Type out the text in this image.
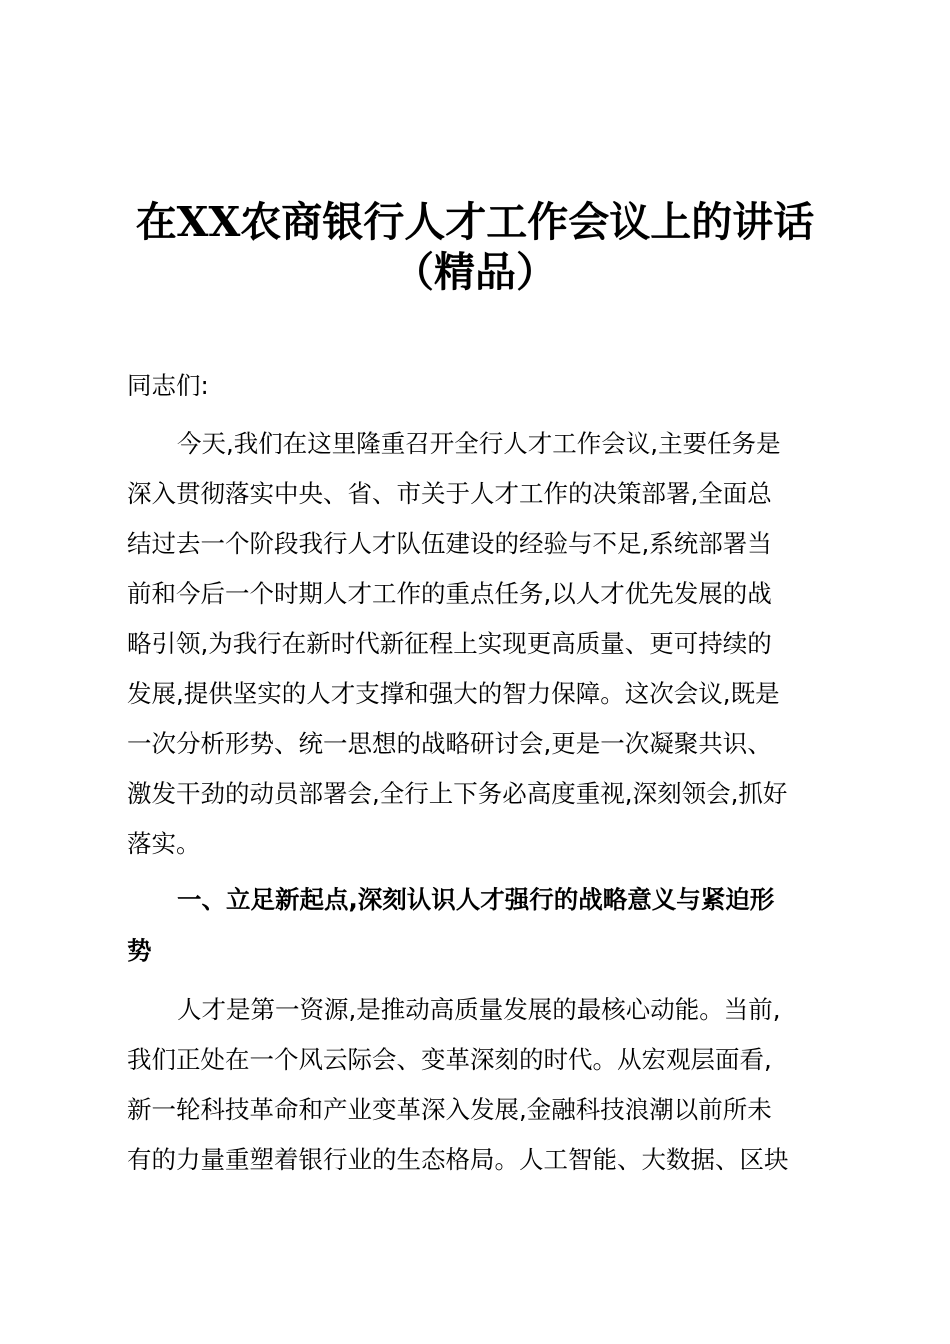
在XX农商银行人才工作会议上的讲话
（精品）

同志们:

今天,我们在这里隆重召开全行人才工作会议,主要任务是

深入贯彻落实中央、省、市关于人才工作的决策部署,全面总

结过去一个阶段我行人才队伍建设的经验与不足,系统部署当

前和今后一个时期人才工作的重点任务,以人才优先发展的战

略引领,为我行在新时代新征程上实现更高质量、更可持续的

发展,提供坚实的人才支撑和强大的智力保障。这次会议,既是

一次分析形势、统一思想的战略研讨会,更是一次凝聚共识、

激发干劲的动员部署会,全行上下务必高度重视,深刻领会,抓好

落实。

一、立足新起点,深刻认识人才强行的战略意义与紧迫形

势

人才是第一资源,是推动高质量发展的最核心动能。当前,

我们正处在一个风云际会、变革深刻的时代。从宏观层面看,

新一轮科技革命和产业变革深入发展,金融科技浪潮以前所未

有的力量重塑着银行业的生态格局。人工智能、大数据、区块
